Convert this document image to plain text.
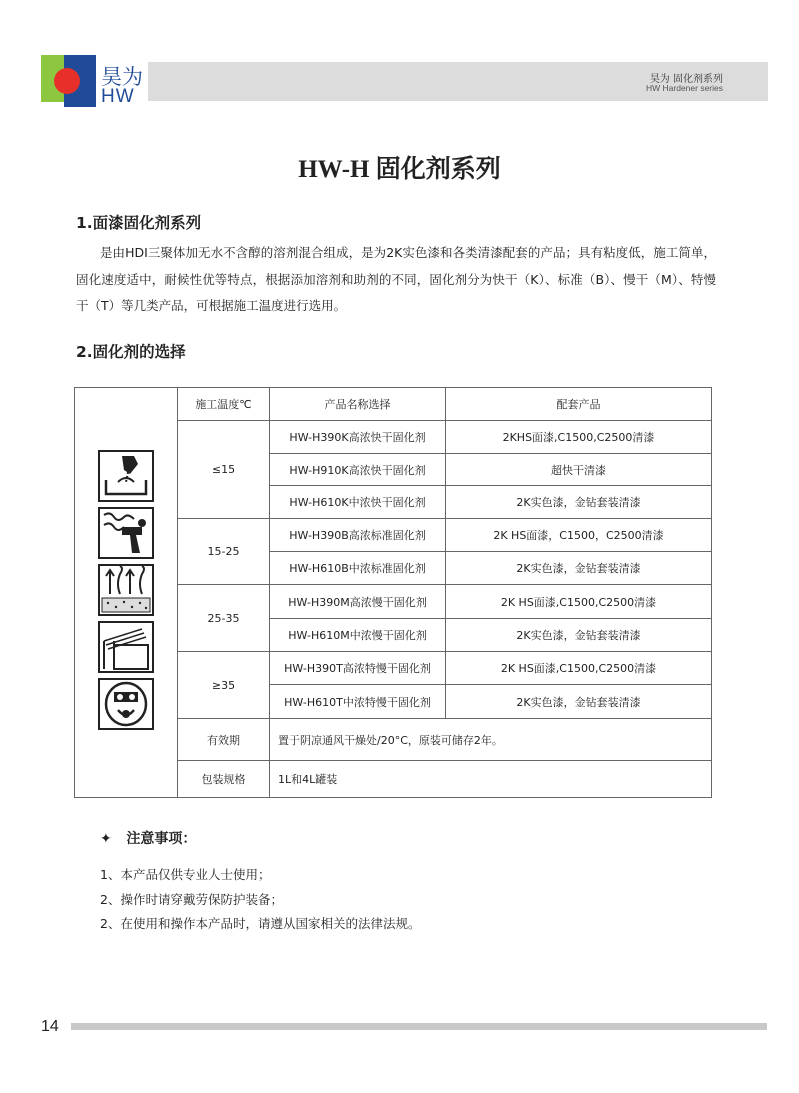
昊为
HW
昊为 固化剂系列
HW Hardener series
HW-H 固化剂系列
1.面漆固化剂系列
是由HDI三聚体加无水不含醇的溶剂混合组成，是为2K实色漆和各类清漆配套的产品；具有粘度低，施工简单，固化速度适中，耐候性优等特点，根据添加溶剂和助剂的不同，固化剂分为快干（K）、标准（B）、慢干（M）、特慢干（T）等几类产品，可根据施工温度进行选用。
2.固化剂的选择
	施工温度℃	产品名称选择	配套产品
	≤15	HW-H390K高浓快干固化剂	2KHS面漆,C1500,C2500清漆
		HW-H910K高浓快干固化剂	超快干清漆
		HW-H610K中浓快干固化剂	2K实色漆，金钻套装清漆
	15-25	HW-H390B高浓标准固化剂	2K HS面漆，C1500，C2500清漆
		HW-H610B中浓标准固化剂	2K实色漆，金钻套装清漆
	25-35	HW-H390M高浓慢干固化剂	2K HS面漆,C1500,C2500清漆
		HW-H610M中浓慢干固化剂	2K实色漆，金钻套装清漆
	≥35	HW-H390T高浓特慢干固化剂	2K HS面漆,C1500,C2500清漆
		HW-H610T中浓特慢干固化剂	2K实色漆，金钻套装清漆
	有效期	置于阴凉通风干燥处/20°C，原装可储存2年。	
	包装规格	1L和4L罐装	
✦ 注意事项：
1、本产品仅供专业人士使用；
2、操作时请穿戴劳保防护装备；
2、在使用和操作本产品时，请遵从国家相关的法律法规。
14
